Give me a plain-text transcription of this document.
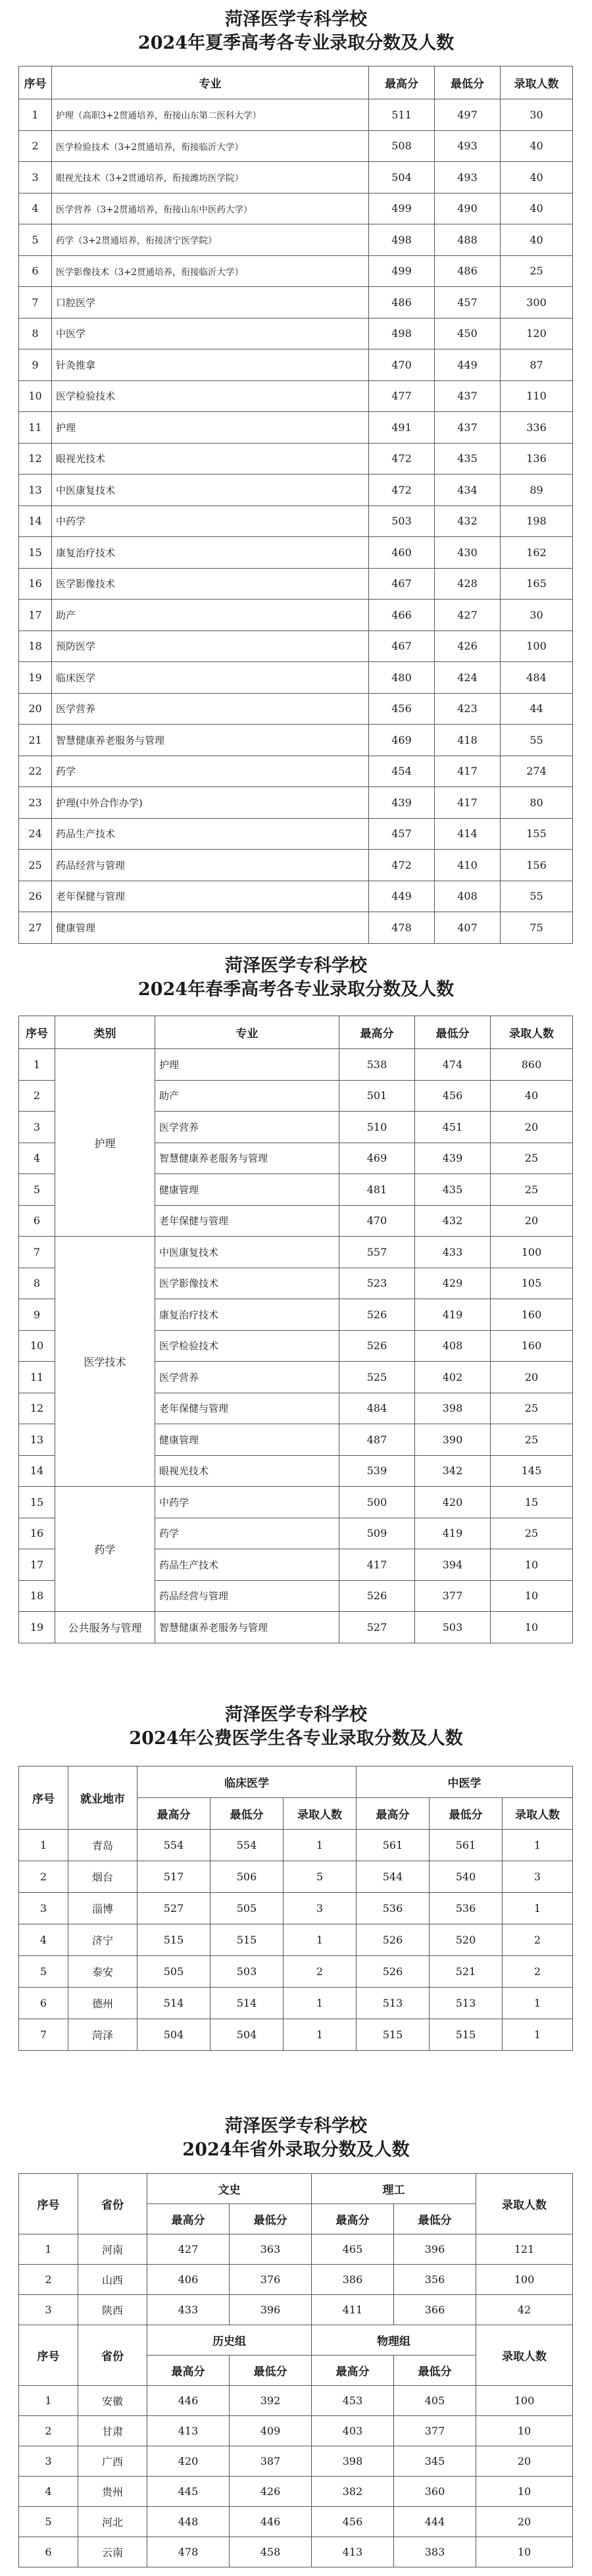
菏泽医学专科学校
2024年夏季高考各专业录取分数及人数
序号	专业	最高分	最低分	录取人数
1	护理（高职3+2贯通培养，衔接山东第二医科大学）	511	497	30
2	医学检验技术（3+2贯通培养，衔接临沂大学）	508	493	40
3	眼视光技术（3+2贯通培养，衔接潍坊医学院）	504	493	40
4	医学营养（3+2贯通培养，衔接山东中医药大学）	499	490	40
5	药学（3+2贯通培养，衔接济宁医学院）	498	488	40
6	医学影像技术（3+2贯通培养，衔接临沂大学）	499	486	25
7	口腔医学	486	457	300
8	中医学	498	450	120
9	针灸推拿	470	449	87
10	医学检验技术	477	437	110
11	护理	491	437	336
12	眼视光技术	472	435	136
13	中医康复技术	472	434	89
14	中药学	503	432	198
15	康复治疗技术	460	430	162
16	医学影像技术	467	428	165
17	助产	466	427	30
18	预防医学	467	426	100
19	临床医学	480	424	484
20	医学营养	456	423	44
21	智慧健康养老服务与管理	469	418	55
22	药学	454	417	274
23	护理(中外合作办学)	439	417	80
24	药品生产技术	457	414	155
25	药品经营与管理	472	410	156
26	老年保健与管理	449	408	55
27	健康管理	478	407	75
菏泽医学专科学校
2024年春季高考各专业录取分数及人数
序号	类别	专业	最高分	最低分	录取人数
1	护理	护理	538	474	860
2		助产	501	456	40
3		医学营养	510	451	20
4		智慧健康养老服务与管理	469	439	25
5		健康管理	481	435	25
6		老年保健与管理	470	432	20
7	医学技术	中医康复技术	557	433	100
8		医学影像技术	523	429	105
9		康复治疗技术	526	419	160
10		医学检验技术	526	408	160
11		医学营养	525	402	20
12		老年保健与管理	484	398	25
13		健康管理	487	390	25
14		眼视光技术	539	342	145
15	药学	中药学	500	420	15
16		药学	509	419	25
17		药品生产技术	417	394	10
18		药品经营与管理	526	377	10
19	公共服务与管理	智慧健康养老服务与管理	527	503	10
菏泽医学专科学校
2024年公费医学生各专业录取分数及人数
序号	就业地市	临床医学			中医学		
		最高分	最低分	录取人数	最高分	最低分	录取人数
1	青岛	554	554	1	561	561	1
2	烟台	517	506	5	544	540	3
3	淄博	527	505	3	536	536	1
4	济宁	515	515	1	526	520	2
5	泰安	505	503	2	526	521	2
6	德州	514	514	1	513	513	1
7	菏泽	504	504	1	515	515	1
菏泽医学专科学校
2024年省外录取分数及人数
序号	省份	文史		理工		录取人数
		最高分	最低分	最高分	最低分	
1	河南	427	363	465	396	121
2	山西	406	376	386	356	100
3	陕西	433	396	411	366	42
序号	省份	历史组		物理组		录取人数
		最高分	最低分	最高分	最低分	
1	安徽	446	392	453	405	100
2	甘肃	413	409	403	377	10
3	广西	420	387	398	345	20
4	贵州	445	426	382	360	10
5	河北	448	446	456	444	20
6	云南	478	458	413	383	10
